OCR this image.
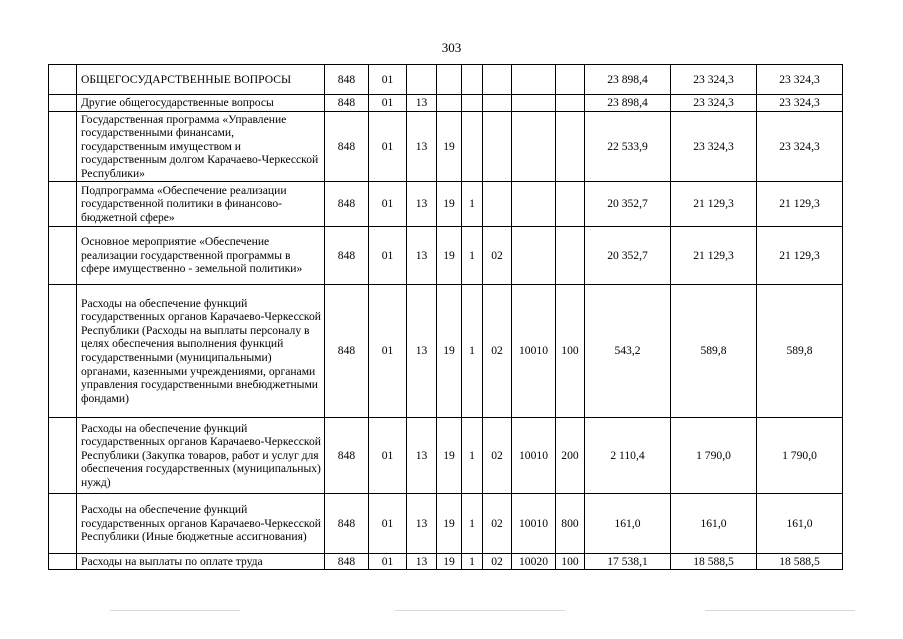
303
	ОБЩЕГОСУДАРСТВЕННЫЕ ВОПРОСЫ	848	01							23 898,4	23 324,3	23 324,3
	Другие общегосударственные вопросы	848	01	13						23 898,4	23 324,3	23 324,3
	Государственная программа «Управление государственными финансами, государственным имуществом и государственным долгом Карачаево-Черкесской Республики»	848	01	13	19					22 533,9	23 324,3	23 324,3
	Подпрограмма «Обеспечение реализации государственной политики в финансово-бюджетной сфере»	848	01	13	19	1				20 352,7	21 129,3	21 129,3
	Основное мероприятие «Обеспечение реализации государственной программы в сфере имущественно - земельной политики»	848	01	13	19	1	02			20 352,7	21 129,3	21 129,3
	Расходы на обеспечение функций государственных органов Карачаево-Черкесской Республики (Расходы на выплаты персоналу в целях обеспечения выполнения функций государственными (муниципальными) органами, казенными учреждениями, органами управления государственными внебюджетными фондами)	848	01	13	19	1	02	10010	100	543,2	589,8	589,8
	Расходы на обеспечение функций государственных органов Карачаево-Черкесской Республики (Закупка товаров, работ и услуг для обеспечения государственных (муниципальных) нужд)	848	01	13	19	1	02	10010	200	2 110,4	1 790,0	1 790,0
	Расходы на обеспечение функций государственных органов Карачаево-Черкесской Республики (Иные бюджетные ассигнования)	848	01	13	19	1	02	10010	800	161,0	161,0	161,0
	Расходы на выплаты по оплате труда	848	01	13	19	1	02	10020	100	17 538,1	18 588,5	18 588,5
